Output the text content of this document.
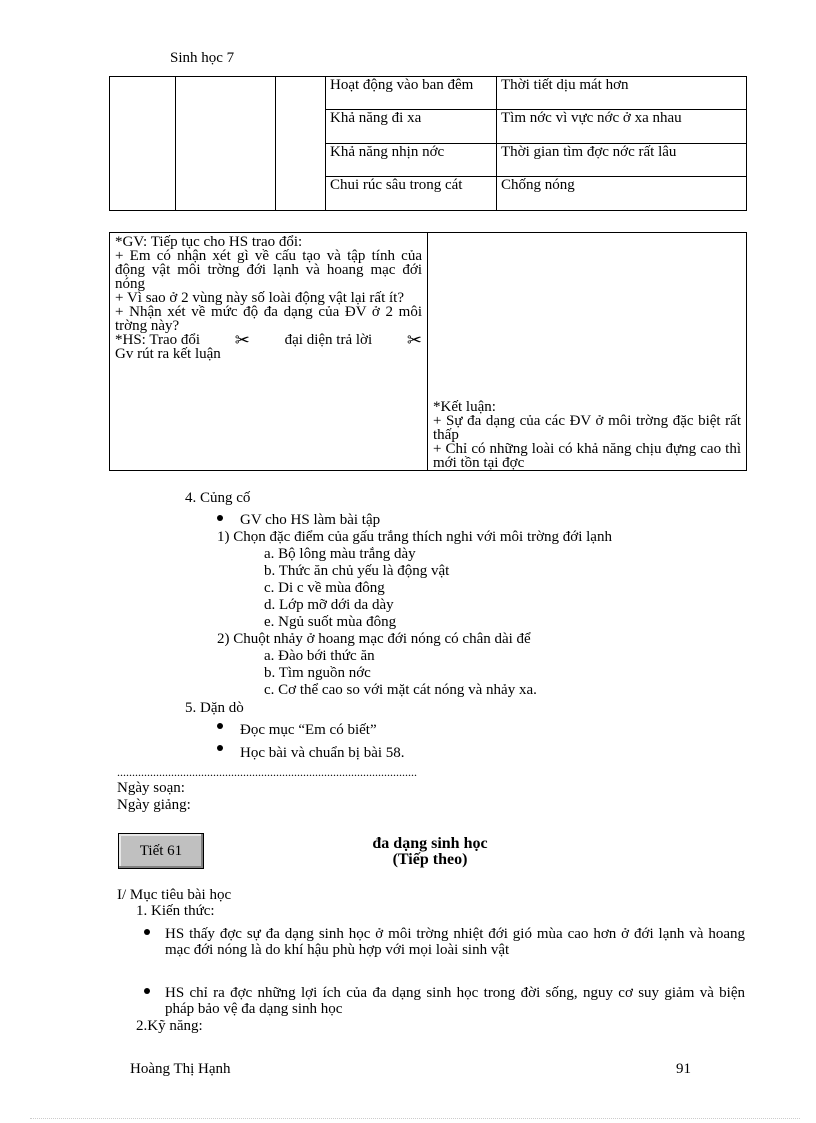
Sinh học 7
			Hoạt động vào ban đêm	Thời tiết dịu mát hơn
			Khả năng đi xa	Tìm nớc vì vực nớc ở xa nhau
			Khả năng nhịn nớc	Thời gian tìm đợc nớc rất lâu
			Chui rúc sâu trong cát	Chống nóng
*GV: Tiếp tục cho HS trao đổi:
+ Em có nhận xét gì về cấu tạo và tập tính của động vật môi trờng đới lạnh và hoang mạc đới nóng
+ Vì sao ở 2 vùng này số loài động vật lại rất ít?
+ Nhận xét về mức độ đa dạng của ĐV ở 2 môi trờng này?
*HS: Trao đổi ✂ đại diện trả lời ✂
Gv rút ra kết luận

*Kết luận:
+ Sự đa dạng của các ĐV ở môi trờng đặc biệt rất thấp
+ Chỉ có những loài có khả năng chịu đựng cao thì mới tồn tại đợc
4. Củng cố
GV cho HS làm bài tập
1) Chọn đặc điểm của gấu trắng thích nghi với môi trờng đới lạnh
a. Bộ lông màu trắng dày
b. Thức ăn chủ yếu là động vật
c. Di c về mùa đông
d. Lớp mỡ dới da dày
e. Ngủ suốt mùa đông
2) Chuột nhảy ở hoang mạc đới nóng có chân dài để
a. Đào bới thức ăn
b. Tìm nguồn nớc
c. Cơ thể cao so với mặt cát nóng và nhảy xa.
5. Dặn dò
Đọc mục “Em có biết”
Học bài và chuẩn bị bài 58.
....................................................................................................
Ngày soạn:
Ngày giảng:
Tiết 61	đa dạng sinh học
(Tiếp theo)
I/ Mục tiêu bài học
1. Kiến thức:
HS thấy đợc sự đa dạng sinh học ở môi trờng nhiệt đới gió mùa cao hơn ở đới lạnh và hoang mạc đới nóng là do khí hậu phù hợp với mọi loài sinh vật
HS chỉ ra đợc những lợi ích của đa dạng sinh học trong đời sống, nguy cơ suy giảm và biện pháp bảo vệ đa dạng sinh học
2.Kỹ năng:
Hoàng Thị Hạnh	91
